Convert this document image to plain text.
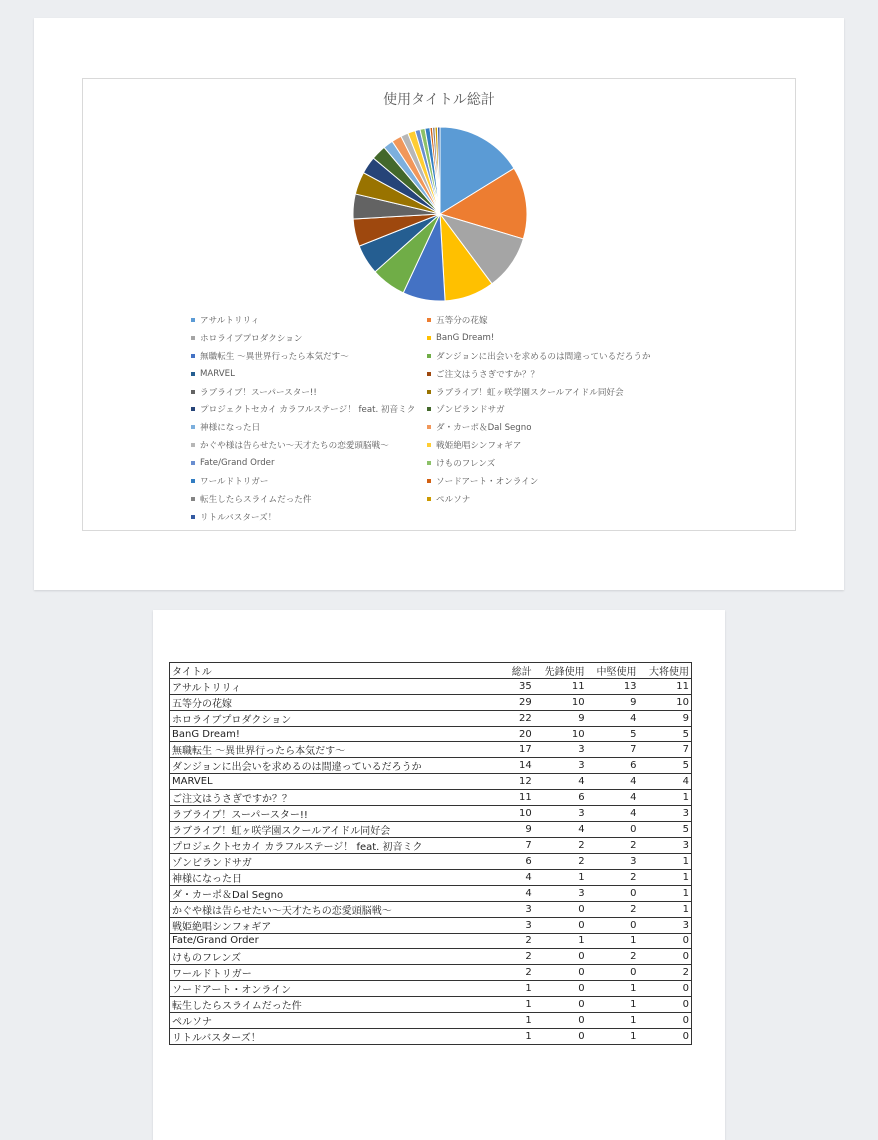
使用タイトル総計
アサルトリリィ	五等分の花嫁
ホロライブプロダクション	BanG Dream!
無職転生 ～異世界行ったら本気だす～	ダンジョンに出会いを求めるのは間違っているだろうか
MARVEL	ご注文はうさぎですか？？
ラブライブ！スーパースター!!	ラブライブ！虹ヶ咲学園スクールアイドル同好会
プロジェクトセカイ カラフルステージ！ feat. 初音ミク ゾンビランドサガ
神様になった日	ダ・カーポ＆Dal Segno
かぐや様は告らせたい～天才たちの恋愛頭脳戦～	戦姫絶唱シンフォギア
Fate/Grand Order	けものフレンズ
ワールドトリガー	ソードアート・オンライン
転生したらスライムだった件	ペルソナ
リトルバスターズ！
タイトル	総計	先鋒使用	中堅使用	大将使用
アサルトリリィ	35	11	13	11
五等分の花嫁	29	10	9	10
ホロライブプロダクション	22	9	4	9
BanG Dream!	20	10	5	5
無職転生 ～異世界行ったら本気だす～	17	3	7	7
ダンジョンに出会いを求めるのは間違っているだろうか	14	3	6	5
MARVEL	12	4	4	4
ご注文はうさぎですか？？	11	6	4	1
ラブライブ！スーパースター!!	10	3	4	3
ラブライブ！虹ヶ咲学園スクールアイドル同好会	9	4	0	5
プロジェクトセカイ カラフルステージ！ feat. 初音ミク	7	2	2	3
ゾンビランドサガ	6	2	3	1
神様になった日	4	1	2	1
ダ・カーポ＆Dal Segno	4	3	0	1
かぐや様は告らせたい～天才たちの恋愛頭脳戦～	3	0	2	1
戦姫絶唱シンフォギア	3	0	0	3
Fate/Grand Order	2	1	1	0
けものフレンズ	2	0	2	0
ワールドトリガー	2	0	0	2
ソードアート・オンライン	1	0	1	0
転生したらスライムだった件	1	0	1	0
ペルソナ	1	0	1	0
リトルバスターズ！	1	0	1	0
